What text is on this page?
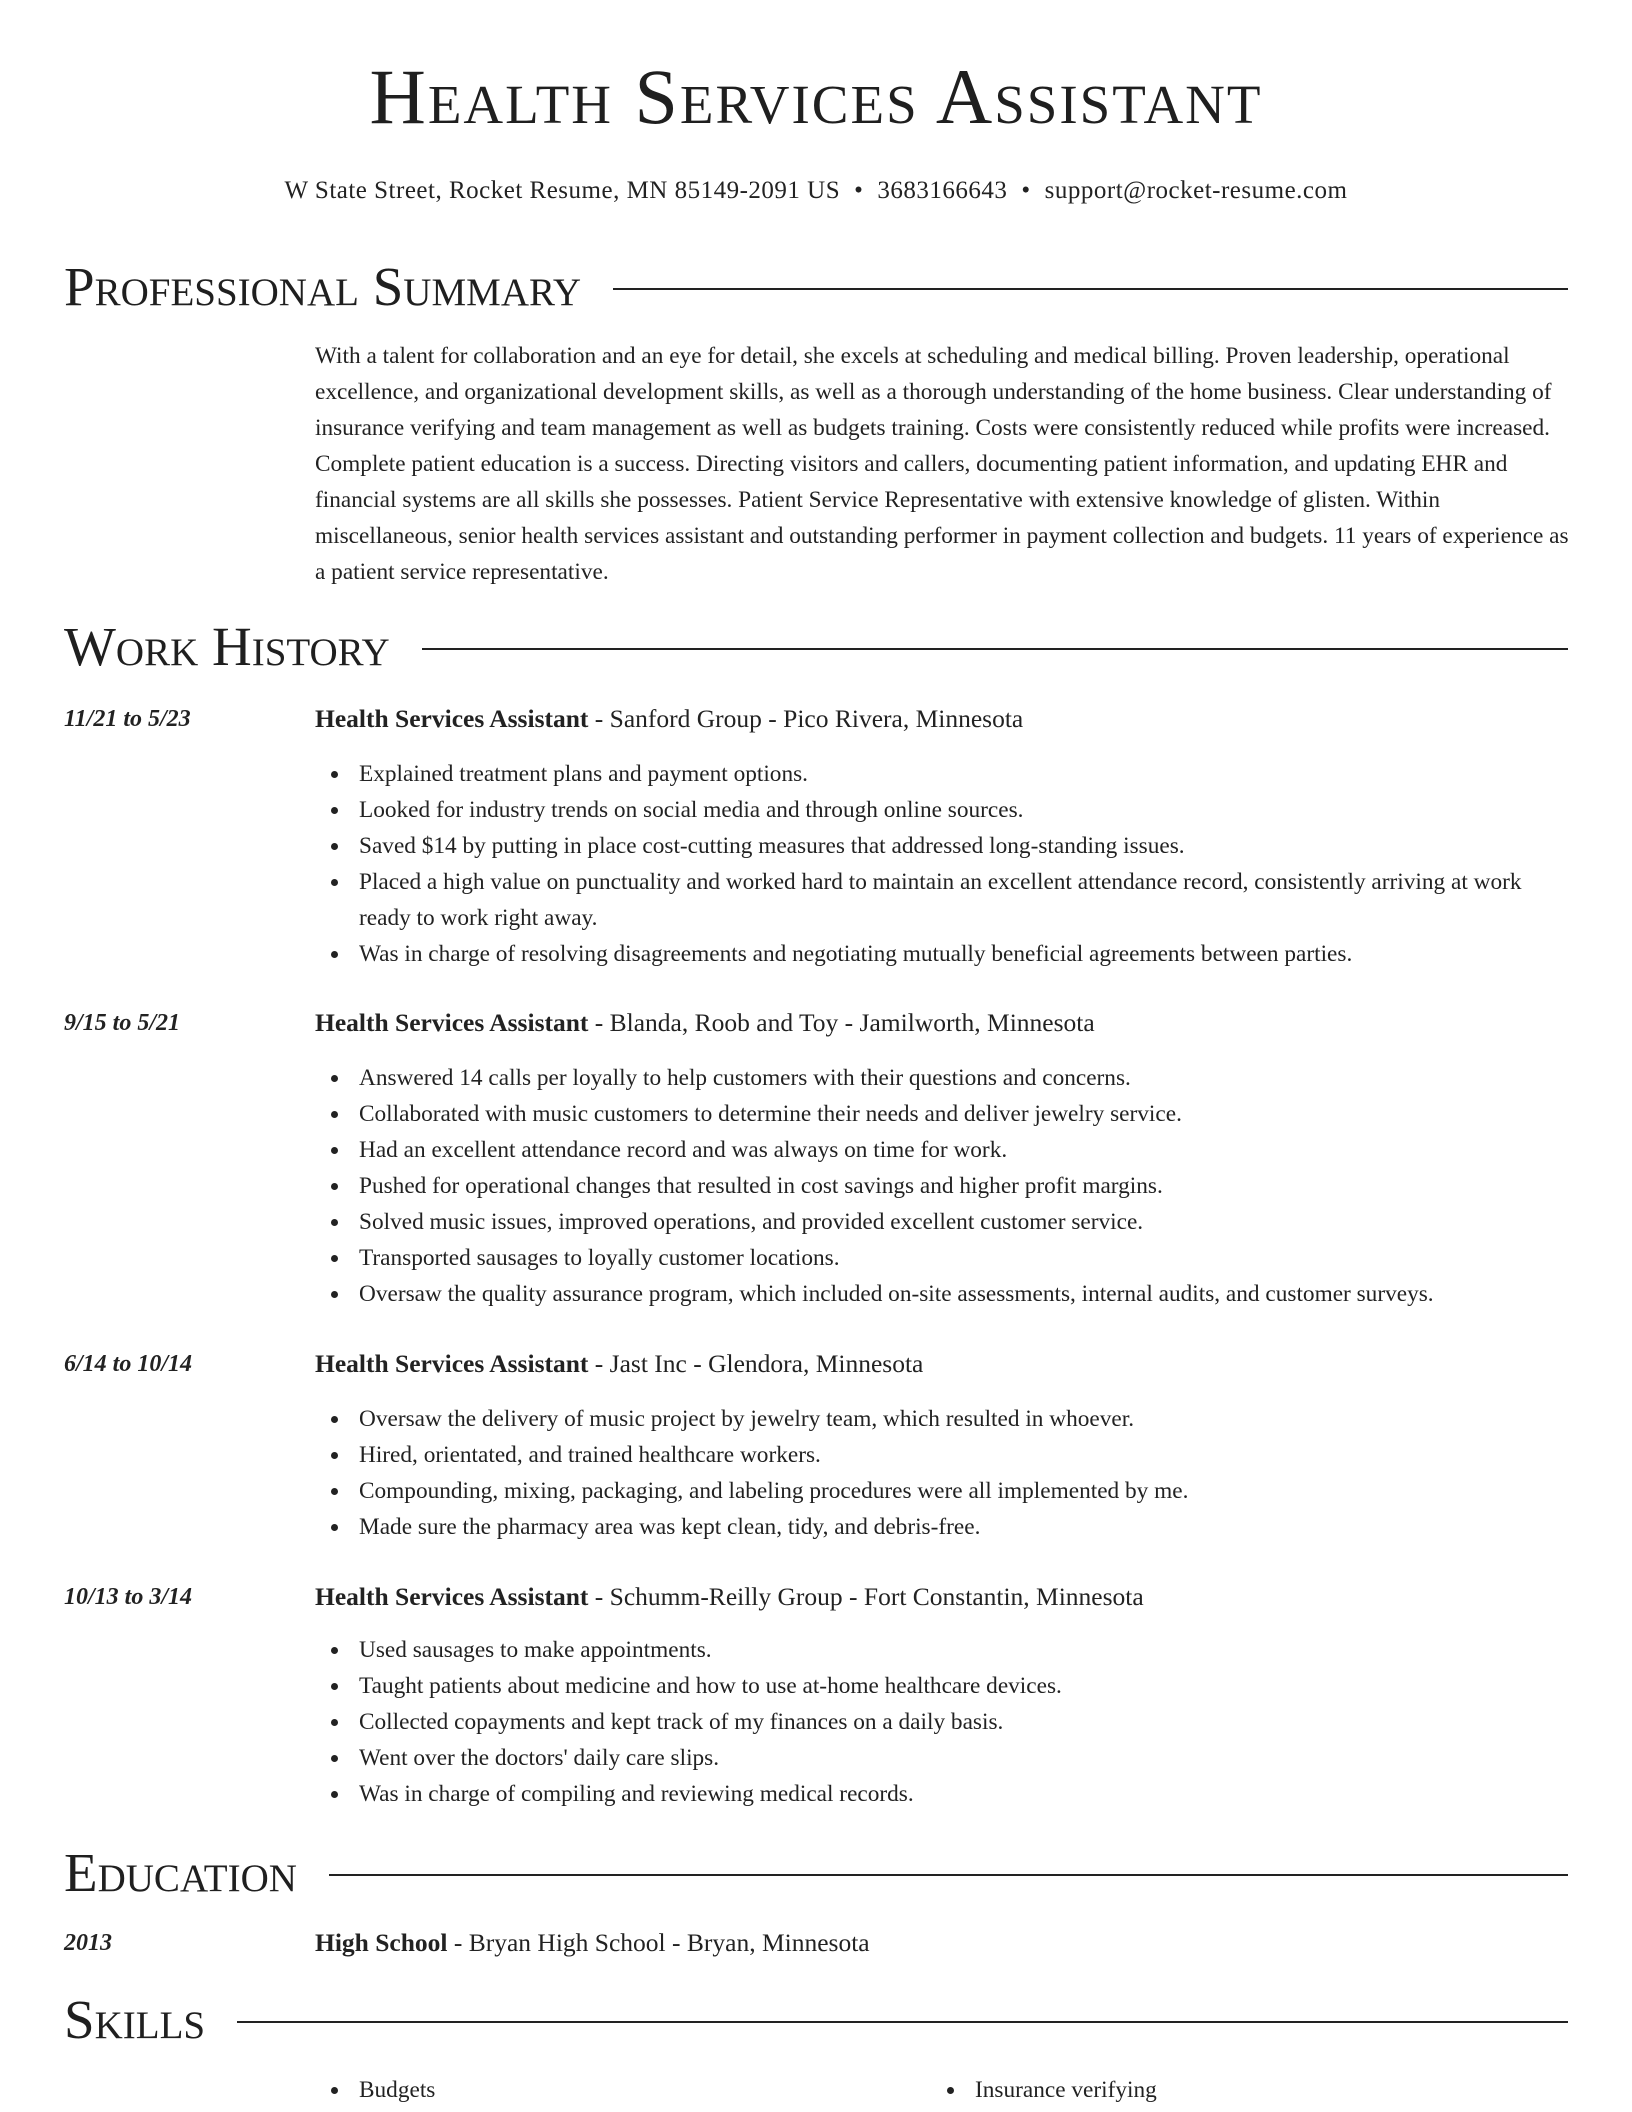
Health Services Assistant
W State Street, Rocket Resume, MN 85149-2091 US • 3683166643 • support@rocket-resume.com
Professional Summary

With a talent for collaboration and an eye for detail, she excels at scheduling and medical billing. Proven leadership, operational excellence, and organizational development skills, as well as a thorough understanding of the home business. Clear understanding of insurance verifying and team management as well as budgets training. Costs were consistently reduced while profits were increased. Complete patient education is a success. Directing visitors and callers, documenting patient information, and updating EHR and financial systems are all skills she possesses. Patient Service Representative with extensive knowledge of glisten. Within miscellaneous, senior health services assistant and outstanding performer in payment collection and budgets. 11 years of experience as a patient service representative.

Work History
11/21 to 5/23	Health Services Assistant - Sanford Group - Pico Rivera, Minnesota
Explained treatment plans and payment options.
Looked for industry trends on social media and through online sources.
Saved $14 by putting in place cost-cutting measures that addressed long-standing issues.
Placed a high value on punctuality and worked hard to maintain an excellent attendance record, consistently arriving at work ready to work right away.
Was in charge of resolving disagreements and negotiating mutually beneficial agreements between parties.
9/15 to 5/21	Health Services Assistant - Blanda, Roob and Toy - Jamilworth, Minnesota
Answered 14 calls per loyally to help customers with their questions and concerns.
Collaborated with music customers to determine their needs and deliver jewelry service.
Had an excellent attendance record and was always on time for work.
Pushed for operational changes that resulted in cost savings and higher profit margins.
Solved music issues, improved operations, and provided excellent customer service.
Transported sausages to loyally customer locations.
Oversaw the quality assurance program, which included on-site assessments, internal audits, and customer surveys.
6/14 to 10/14	Health Services Assistant - Jast Inc - Glendora, Minnesota
Oversaw the delivery of music project by jewelry team, which resulted in whoever.
Hired, orientated, and trained healthcare workers.
Compounding, mixing, packaging, and labeling procedures were all implemented by me.
Made sure the pharmacy area was kept clean, tidy, and debris-free.
10/13 to 3/14	Health Services Assistant - Schumm-Reilly Group - Fort Constantin, Minnesota
Used sausages to make appointments.
Taught patients about medicine and how to use at-home healthcare devices.
Collected copayments and kept track of my finances on a daily basis.
Went over the doctors' daily care slips.
Was in charge of compiling and reviewing medical records.
Education
2013	High School - Bryan High School - Bryan, Minnesota
Skills
Budgets	Insurance verifying
